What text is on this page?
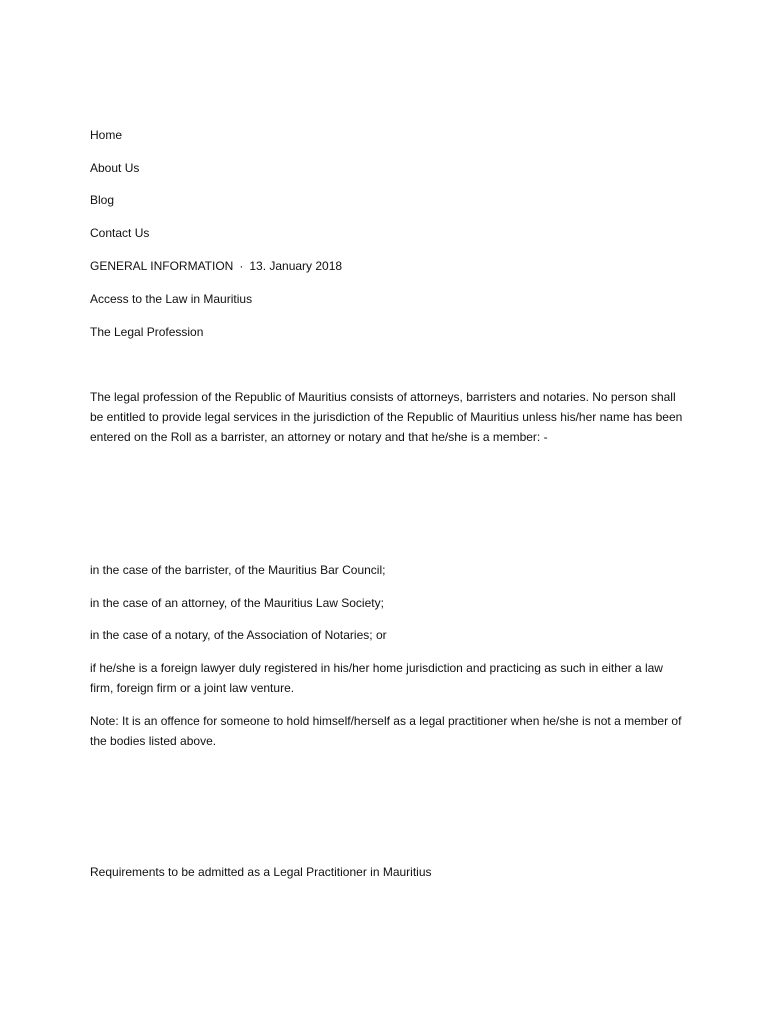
Home

About Us

Blog

Contact Us

GENERAL INFORMATION · 13. January 2018

Access to the Law in Mauritius

The Legal Profession

The legal profession of the Republic of Mauritius consists of attorneys, barristers and notaries. No person shall be entitled to provide legal services in the jurisdiction of the Republic of Mauritius unless his/her name has been entered on the Roll as a barrister, an attorney or notary and that he/she is a member: -

in the case of the barrister, of the Mauritius Bar Council;

in the case of an attorney, of the Mauritius Law Society;

in the case of a notary, of the Association of Notaries; or

if he/she is a foreign lawyer duly registered in his/her home jurisdiction and practicing as such in either a law firm, foreign firm or a joint law venture.

Note: It is an offence for someone to hold himself/herself as a legal practitioner when he/she is not a member of the bodies listed above.

Requirements to be admitted as a Legal Practitioner in Mauritius
